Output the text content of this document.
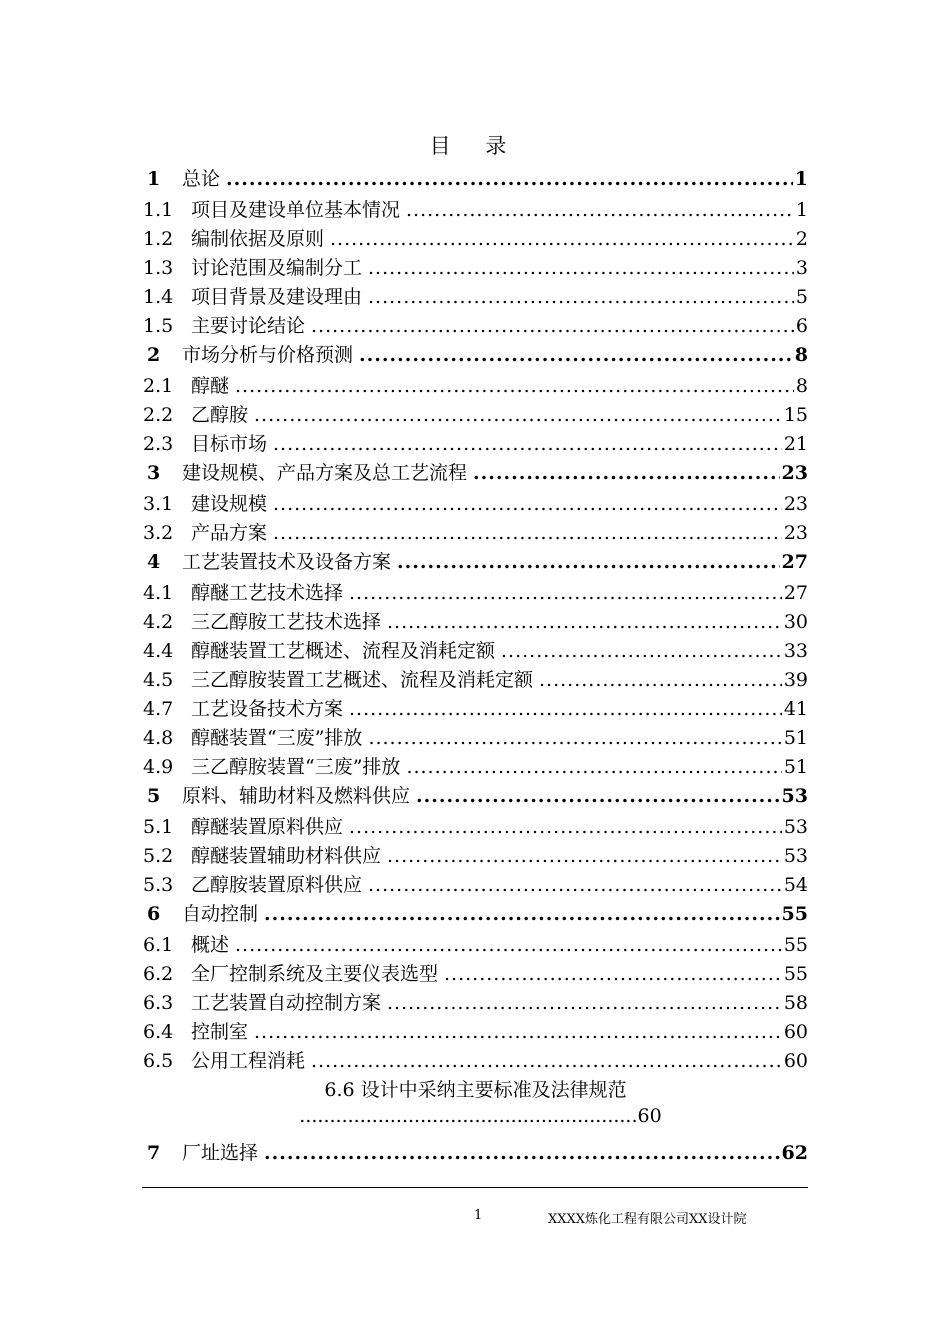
目 录
1	总论 .....	1
1.1 项目及建设单位基本情况 .....	1
1.2 编制依据及原则 .....	2
1.3 讨论范围及编制分工 .....	3
1.4 项目背景及建设理由 .....	5
1.5 主要讨论结论 .....	6
2	市场分析与价格预测 .....	8
2.1 醇醚 .....	8
2.2 乙醇胺 .....	15
2.3 目标市场 .....	21
3	建设规模、产品方案及总工艺流程 .....	23
3.1 建设规模 .....	23
3.2 产品方案 .....	23
4	工艺装置技术及设备方案 .....	27
4.1 醇醚工艺技术选择 .....	27
4.2 三乙醇胺工艺技术选择 .....	30
4.4 醇醚装置工艺概述、流程及消耗定额 .....	33
4.5 三乙醇胺装置工艺概述、流程及消耗定额 .....	39
4.7 工艺设备技术方案 .....	41
4.8 醇醚装置“三废”排放 .....	51
4.9 三乙醇胺装置“三废”排放 .....	51
5	原料、辅助材料及燃料供应 .....	53
5.1 醇醚装置原料供应 .....	53
5.2 醇醚装置辅助材料供应 .....	53
5.3 乙醇胺装置原料供应 .....	54
6	自动控制 .....	55
6.1 概述 .....	55
6.2 全厂控制系统及主要仪表选型 .....	55
6.3 工艺装置自动控制方案 .....	58
6.4 控制室 .....	60
6.5 公用工程消耗 .....	60
6.6 设计中采纳主要标准及法律规范
........................................................60
7	厂址选择 .....	62
1	XXXX炼化工程有限公司XX设计院
